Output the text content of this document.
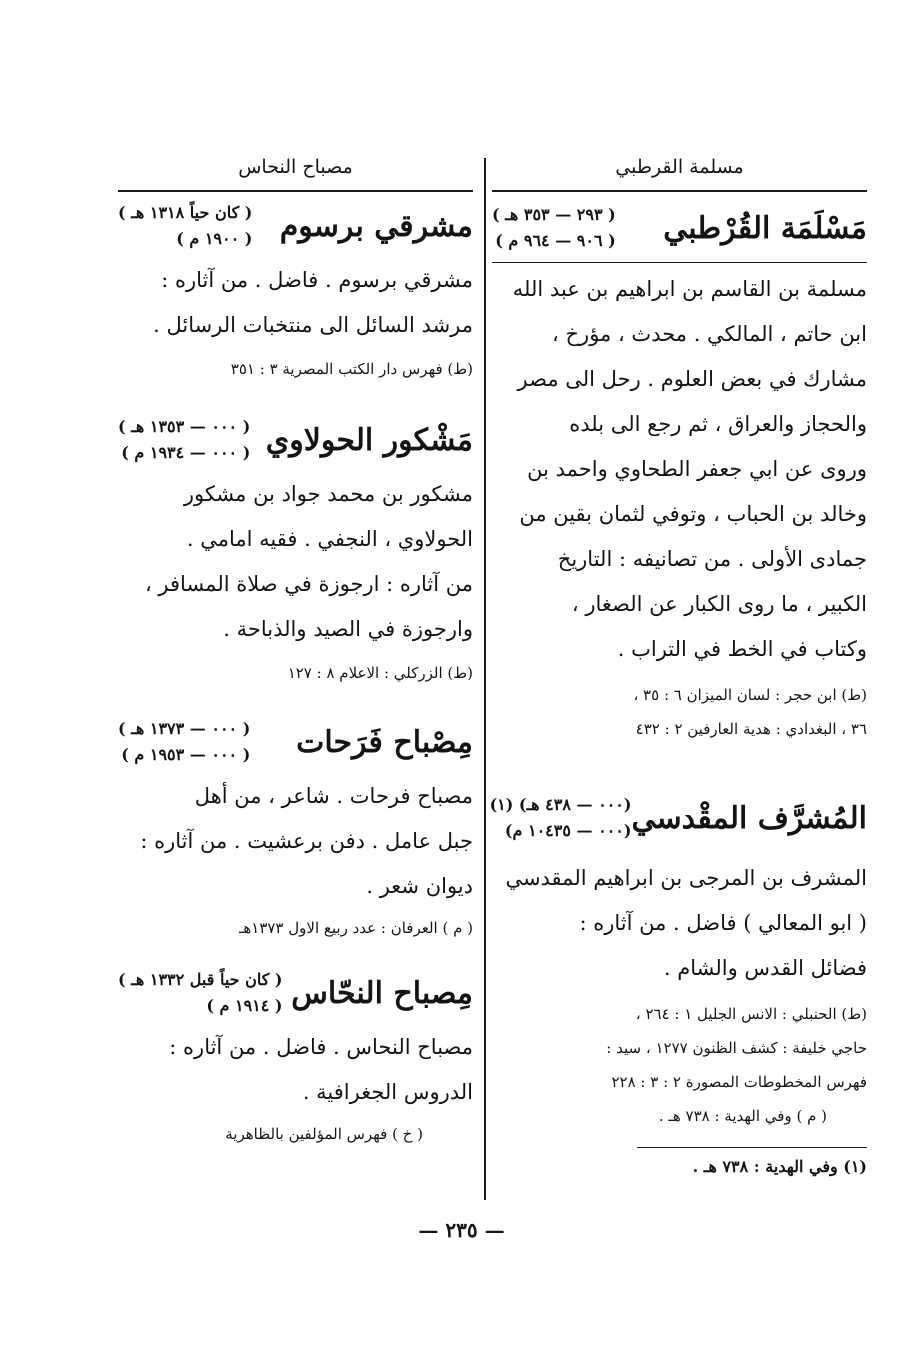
مسلمة القرطبي
مَسْلَمَة القُرْطبي
( ٢٩٣ — ٣٥٣ هـ )
( ٩٠٦ — ٩٦٤ م )
مسلمة بن القاسم بن ابراهيم بن عبد الله
ابن حاتم ، المالكي . محدث ، مؤرخ ،
مشارك في بعض العلوم . رحل الى مصر
والحجاز والعراق ، ثم رجع الى بلده
وروى عن ابي جعفر الطحاوي واحمد بن
وخالد بن الحباب ، وتوفي لثمان بقين من
جمادى الأولى . من تصانيفه : التاريخ
الكبير ، ما روى الكبار عن الصغار ،
وكتاب في الخط في التراب .
(ط) ابن حجر : لسان الميزان ٦ : ٣٥ ،
٣٦ ، البغدادي : هدية العارفين ٢ : ٤٣٢
المُشرَّف المقْدسي
(٠٠٠ — ٤٣٨ هـ) (١)
(٠٠٠ — ١٠٤٣٥ م)
المشرف بن المرجى بن ابراهيم المقدسي
( ابو المعالي ) فاضل . من آثاره :
فضائل القدس والشام .
(ط) الحنبلي : الانس الجليل ١ : ٢٦٤ ،
حاجي خليفة : كشف الظنون ١٢٧٧ ، سيد :
فهرس المخطوطات المصورة ٢ : ٣ : ٢٢٨
( م ) وفي الهدية : ٧٣٨ هـ .
(١) وفي الهدية : ٧٣٨ هـ .
مصباح النحاس
مشرقي برسوم
( كان حياً ١٣١٨ هـ )
( ١٩٠٠ م )
مشرقي برسوم . فاضل . من آثاره :
مرشد السائل الى منتخبات الرسائل .
(ط) فهرس دار الكتب المصرية ٣ : ٣٥١
مَشْكور الحولاوي
( ٠٠٠ — ١٣٥٣ هـ )
( ٠٠٠ — ١٩٣٤ م )
مشكور بن محمد جواد بن مشكور
الحولاوي ، النجفي . فقيه امامي .
من آثاره : ارجوزة في صلاة المسافر ،
وارجوزة في الصيد والذباحة .
(ط) الزركلي : الاعلام ٨ : ١٢٧
مِصْباح فَرَحات
( ٠٠٠ — ١٣٧٣ هـ )
( ٠٠٠ — ١٩٥٣ م )
مصباح فرحات . شاعر ، من أهل
جبل عامل . دفن برعشيت . من آثاره :
ديوان شعر .
( م ) العرفان : عدد ربيع الاول ١٣٧٣هـ
مِصباح النحّاس
( كان حياً قبل ١٣٣٢ هـ )
( ١٩١٤ م )
مصباح النحاس . فاضل . من آثاره :
الدروس الجغرافية .
( خ ) فهرس المؤلفين بالظاهرية
— ٢٣٥ —
